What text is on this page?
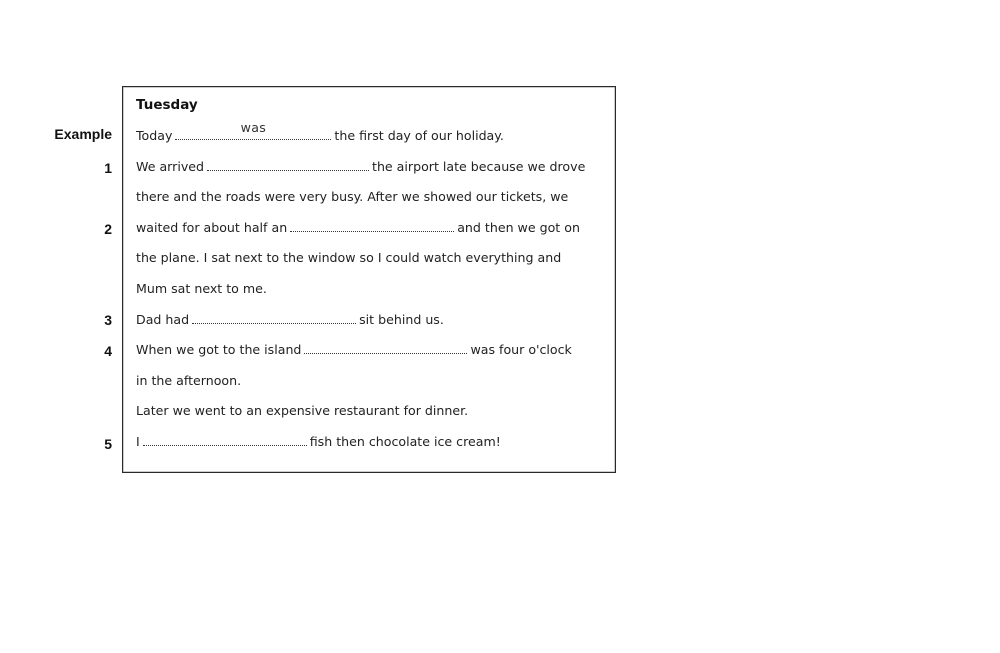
Example
1
2
3
4
5
Tuesday
Today
was
the first day of our holiday.
We arrived	the airport late because we drove
there and the roads were very busy. After we showed our tickets, we
waited for about half an	and then we got on
the plane. I sat next to the window so I could watch everything and
Mum sat next to me.
Dad had	sit behind us.
When we got to the island	was four o'clock
in the afternoon.
Later we went to an expensive restaurant for dinner.
I	fish then chocolate ice cream!
